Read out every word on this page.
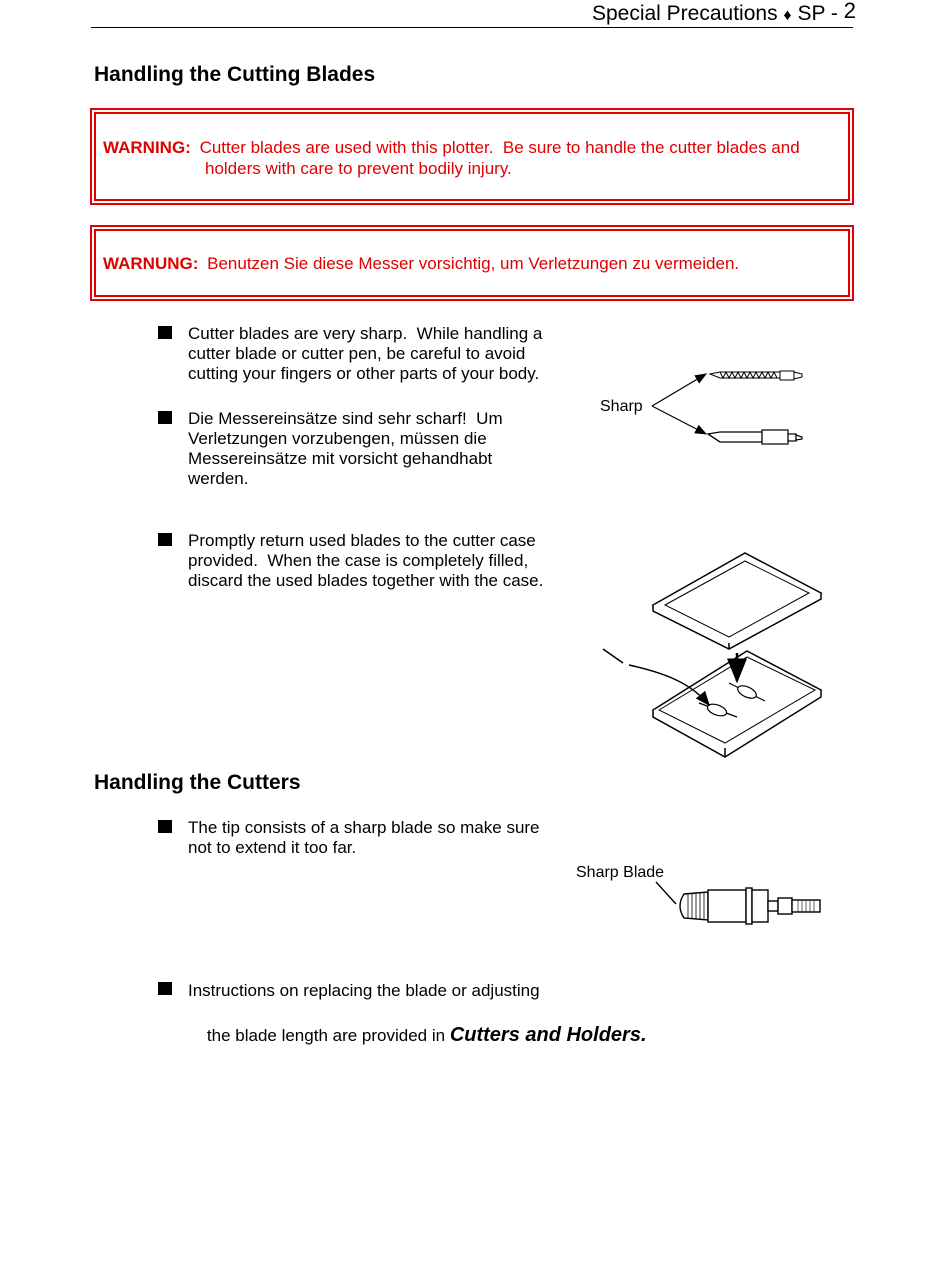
Special Precautions ♦ SP - 2
Handling the Cutting Blades
WARNING: Cutter blades are used with this plotter.  Be sure to handle the cutter blades and
holders with care to prevent bodily injury.
WARNUNG: Benutzen Sie diese Messer vorsichtig, um Verletzungen zu vermeiden.
Cutter blades are very sharp.  While handling a
cutter blade or cutter pen, be careful to avoid
cutting your fingers or other parts of your body.
Die Messereinsätze sind sehr scharf!  Um
Verletzungen vorzubengen, müssen die
Messereinsätze mit vorsicht gehandhabt
werden.
Sharp
Promptly return used blades to the cutter case
provided.  When the case is completely filled,
discard the used blades together with the case.
Handling the Cutters
The tip consists of a sharp blade so make sure
not to extend it too far.
Sharp Blade
Instructions on replacing the blade or adjusting

the blade length are provided in Cutters and Holders.
